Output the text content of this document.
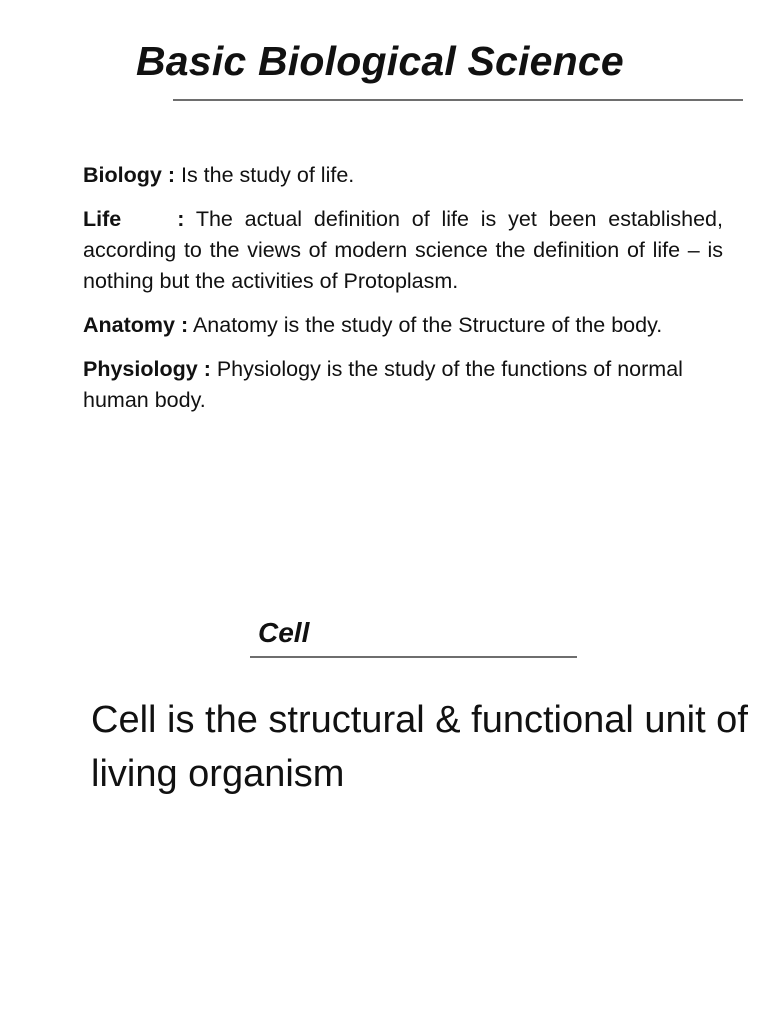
Basic Biological Science

Biology : Is the study of life.

Life	: The actual definition of life is yet been established, according to the views of modern science the definition of life – is nothing but the activities of Protoplasm.

Anatomy : Anatomy is the study of the Structure of the body.

Physiology : Physiology is the study of the functions of normal human body.

Cell

Cell is the structural & functional unit of living organism
